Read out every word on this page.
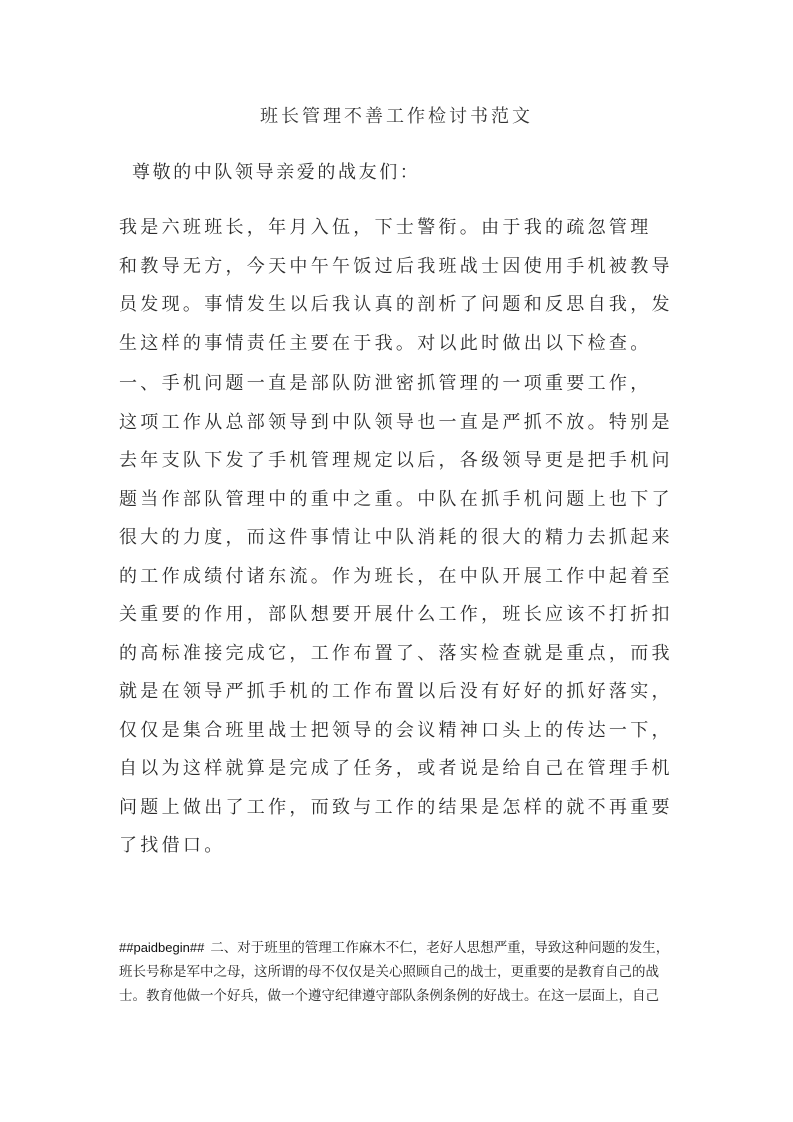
班长管理不善工作检讨书范文

尊敬的中队领导亲爱的战友们：

我是六班班长，年月入伍，下士警衔。由于我的疏忽管理
和教导无方，今天中午午饭过后我班战士因使用手机被教导
员发现。事情发生以后我认真的剖析了问题和反思自我，发
生这样的事情责任主要在于我。对以此时做出以下检查。
一、手机问题一直是部队防泄密抓管理的一项重要工作，
这项工作从总部领导到中队领导也一直是严抓不放。特别是
去年支队下发了手机管理规定以后，各级领导更是把手机问
题当作部队管理中的重中之重。中队在抓手机问题上也下了
很大的力度，而这件事情让中队消耗的很大的精力去抓起来
的工作成绩付诸东流。作为班长，在中队开展工作中起着至
关重要的作用，部队想要开展什么工作，班长应该不打折扣
的高标准接完成它，工作布置了、落实检查就是重点，而我
就是在领导严抓手机的工作布置以后没有好好的抓好落实，
仅仅是集合班里战士把领导的会议精神口头上的传达一下，
自以为这样就算是完成了任务，或者说是给自己在管理手机
问题上做出了工作，而致与工作的结果是怎样的就不再重要
了找借口。
##paidbegin## 二、对于班里的管理工作麻木不仁，老好人思想严重，导致这种问题的发生，
班长号称是军中之母，这所谓的母不仅仅是关心照顾自己的战士，更重要的是教育自己的战
士。教育他做一个好兵，做一个遵守纪律遵守部队条例条例的好战士。在这一层面上，自己
